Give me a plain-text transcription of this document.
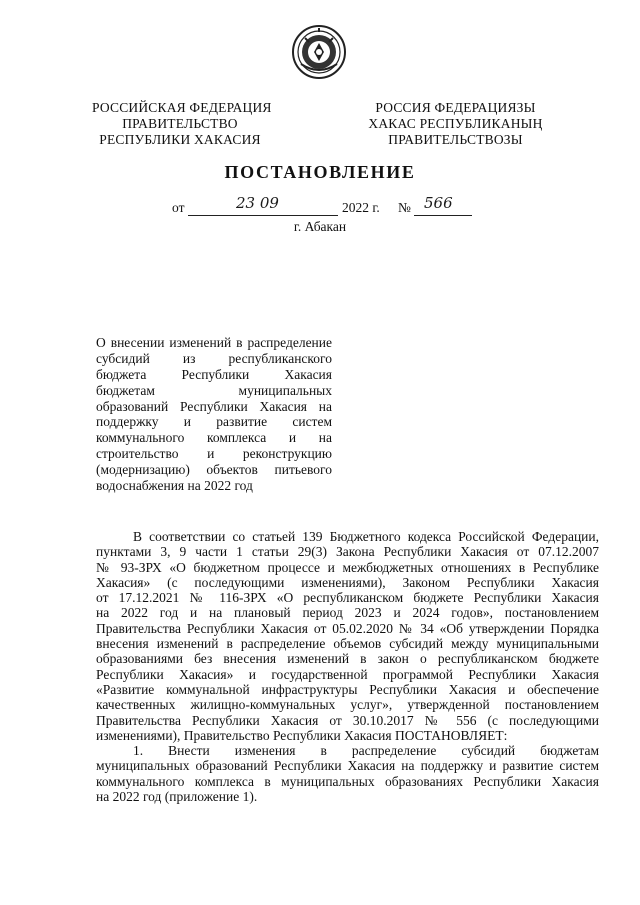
РОССИЙСКАЯ ФЕДЕРАЦИЯ
ПРАВИТЕЛЬСТВО
РЕСПУБЛИКИ ХАКАСИЯ
РОССИЯ ФЕДЕРАЦИЯЗЫ
ХАКАС РЕСПУБЛИКАНЫҢ
ПРАВИТЕЛЬСТВОЗЫ
ПОСТАНОВЛЕНИЕ
от	23 09	2022 г. № 566
г. Абакан
О внесении изменений в распределение
субсидий из республиканского
бюджета Республики Хакасия
бюджетам муниципальных
образований Республики Хакасия на
поддержку и развитие систем
коммунального комплекса и на
строительство и реконструкцию
(модернизацию) объектов питьевого
водоснабжения на 2022 год
В соответствии со статьей 139 Бюджетного кодекса Российской Федерации,
пунктами 3, 9 части 1 статьи 29(3) Закона Республики Хакасия от 07.12.2007
№ 93-ЗРХ «О бюджетном процессе и межбюджетных отношениях в Республике
Хакасия» (с последующими изменениями), Законом Республики Хакасия
от 17.12.2021 № 116-ЗРХ «О республиканском бюджете Республики Хакасия
на 2022 год и на плановый период 2023 и 2024 годов», постановлением
Правительства Республики Хакасия от 05.02.2020 № 34 «Об утверждении Порядка
внесения изменений в распределение объемов субсидий между муниципальными
образованиями без внесения изменений в закон о республиканском бюджете
Республики Хакасия» и государственной программой Республики Хакасия
«Развитие коммунальной инфраструктуры Республики Хакасия и обеспечение
качественных жилищно-коммунальных услуг», утвержденной постановлением
Правительства Республики Хакасия от 30.10.2017 № 556 (с последующими
изменениями), Правительство Республики Хакасия ПОСТАНОВЛЯЕТ:
1. Внести изменения в распределение субсидий бюджетам
муниципальных образований Республики Хакасия на поддержку и развитие систем
коммунального комплекса в муниципальных образованиях Республики Хакасия
на 2022 год (приложение 1).
